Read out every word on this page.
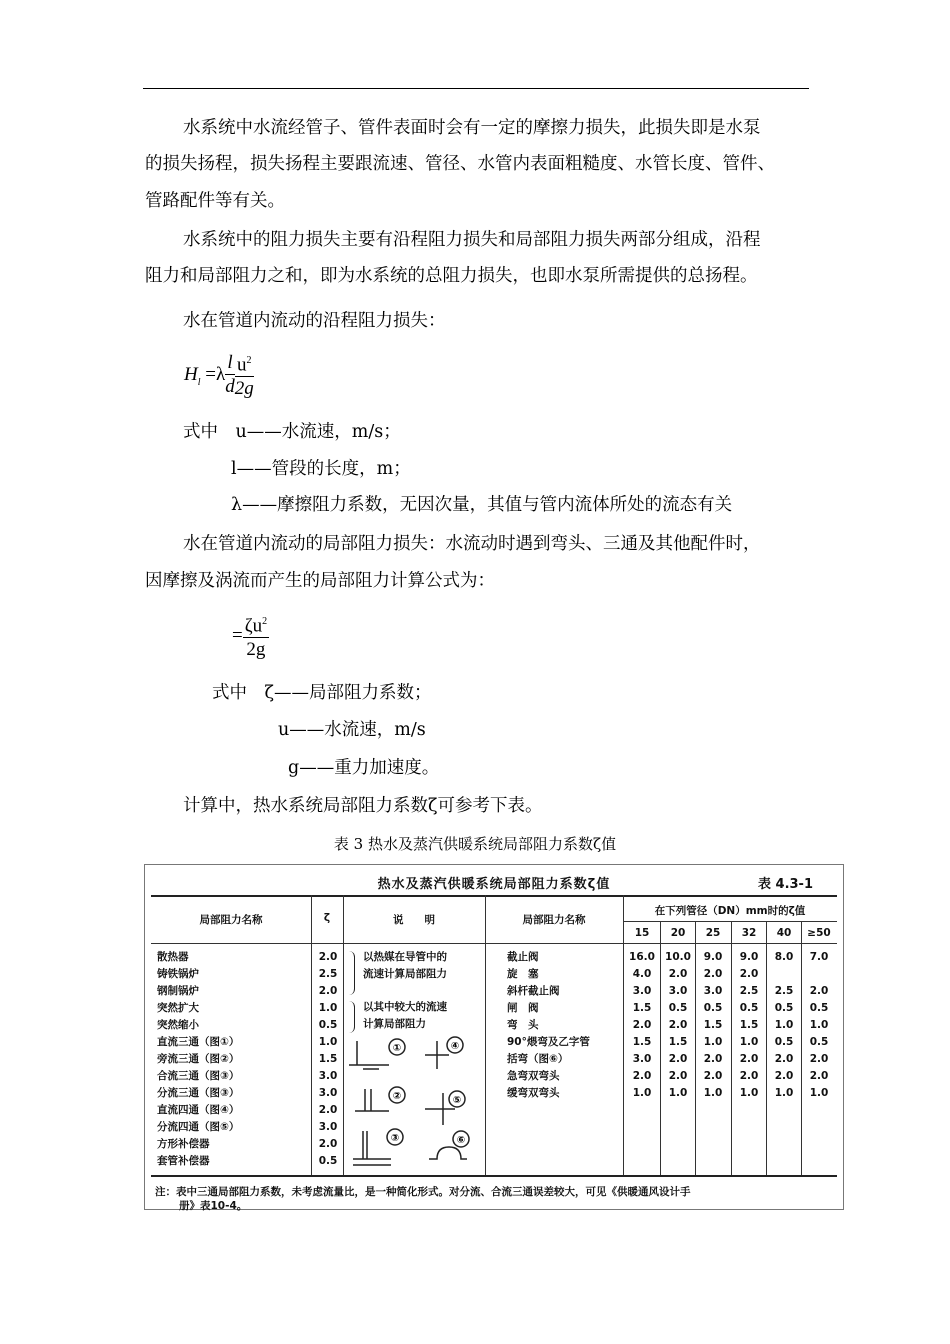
水系统中水流经管子、管件表面时会有一定的摩擦力损失，此损失即是水泵
的损失扬程，损失扬程主要跟流速、管径、水管内表面粗糙度、水管长度、管件、
管路配件等有关。
水系统中的阻力损失主要有沿程阻力损失和局部阻力损失两部分组成，沿程
阻力和局部阻力之和，即为水系统的总阻力损失，也即水泵所需提供的总扬程。
水在管道内流动的沿程阻力损失：
$H_l =\lambda \frac{l}{d} \frac{u^2}{2g}$
式中　u——水流速，m/s；
l——管段的长度，m；
λ——摩擦阻力系数，无因次量，其值与管内流体所处的流态有关
水在管道内流动的局部阻力损失：水流动时遇到弯头、三通及其他配件时，
因摩擦及涡流而产生的局部阻力计算公式为：
= $\frac{\zeta u^2}{2g}$
式中　ζ——局部阻力系数；
u——水流速，m/s
g——重力加速度。
计算中，热水系统局部阻力系数ζ可参考下表。
表 3 热水及蒸汽供暖系统局部阻力系数ζ值
热水及蒸汽供暖系统局部阻力系数ζ值	表 4.3-1
局部阻力名称	ζ	说　　明	局部阻力名称
在下列管径（DN）mm时的ζ值
15	20	25	32	40	≥50
散热器	2.0
铸铁锅炉	2.5
钢制锅炉	2.0
突然扩大	1.0
突然缩小	0.5
直流三通（图①）	1.0
旁流三通（图②）	1.5
合流三通（图③）	3.0
分流三通（图③）	3.0
直流四通（图④）	2.0
分流四通（图⑤）	3.0
方形补偿器	2.0
套管补偿器	0.5
截止阀	16.0 10.0	9.0	9.0	8.0	7.0
旋　塞	4.0	2.0	2.0	2.0
斜杆截止阀	3.0	3.0	3.0	2.5	2.5	2.0
闸　阀	1.5	0.5	0.5	0.5	0.5	0.5
弯　头	2.0	2.0	1.5	1.5	1.0	1.0
90°煨弯及乙字管	1.5	1.5	1.0	1.0	0.5	0.5
括弯（图⑥）	3.0	2.0	2.0	2.0	2.0	2.0
急弯双弯头	2.0	2.0	2.0	2.0	2.0	2.0
缓弯双弯头	1.0	1.0	1.0	1.0	1.0	1.0
以热媒在导管中的
流速计算局部阻力
以其中较大的流速
计算局部阻力
①	④
②	⑤
③	⑥
注：表中三通局部阻力系数，未考虑流量比，是一种简化形式。对分流、合流三通误差较大，可见《供暖通风设计手
册》表10-4。
